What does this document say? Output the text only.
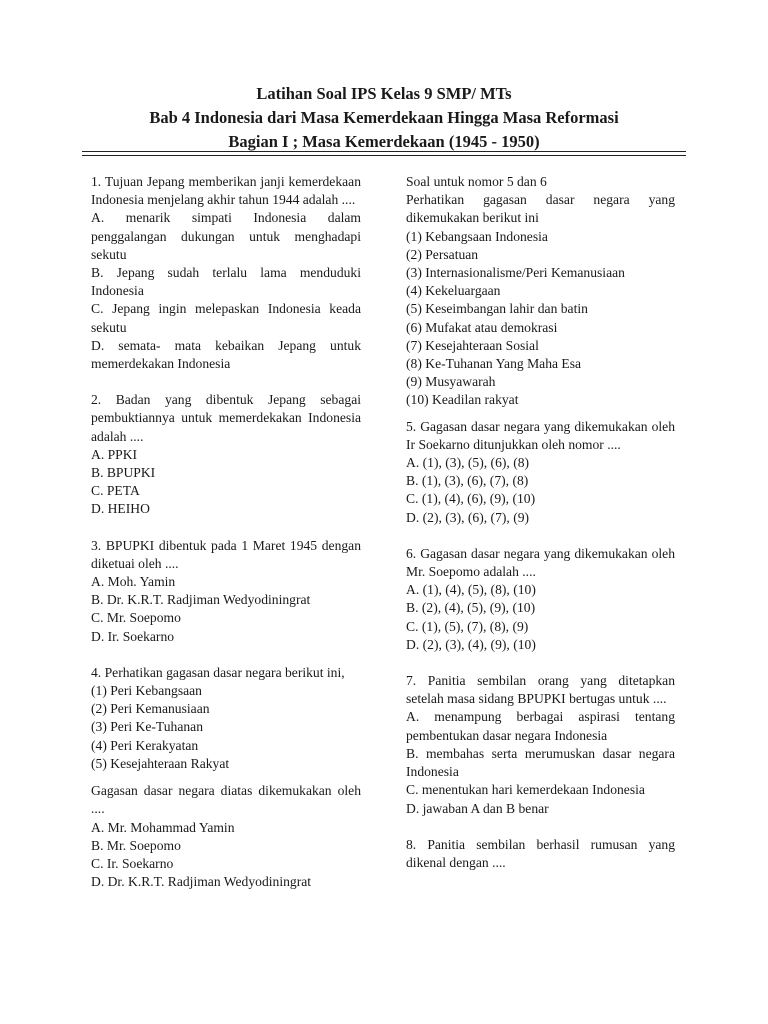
Latihan Soal IPS Kelas 9 SMP/ MTs
Bab 4 Indonesia dari Masa Kemerdekaan Hingga Masa Reformasi
Bagian I ; Masa Kemerdekaan (1945 - 1950)
1. Tujuan Jepang memberikan janji kemerdekaan Indonesia menjelang akhir tahun 1944 adalah ....
A. menarik simpati Indonesia dalam penggalangan dukungan untuk menghadapi sekutu
B. Jepang sudah terlalu lama menduduki Indonesia
C. Jepang ingin melepaskan Indonesia keada sekutu
D. semata- mata kebaikan Jepang untuk memerdekakan Indonesia
2. Badan yang dibentuk Jepang sebagai pembuktiannya untuk memerdekakan Indonesia adalah ....
A. PPKI
B. BPUPKI
C. PETA
D. HEIHO
3. BPUPKI dibentuk pada 1 Maret 1945 dengan diketuai oleh ....
A. Moh. Yamin
B. Dr. K.R.T. Radjiman Wedyodiningrat
C. Mr. Soepomo
D. Ir. Soekarno
4. Perhatikan gagasan dasar negara berikut ini,
(1) Peri Kebangsaan
(2) Peri Kemanusiaan
(3) Peri Ke-Tuhanan
(4) Peri Kerakyatan
(5) Kesejahteraan Rakyat
Gagasan dasar negara diatas dikemukakan oleh ....
A. Mr. Mohammad Yamin
B. Mr. Soepomo
C. Ir. Soekarno
D. Dr. K.R.T. Radjiman Wedyodiningrat
Soal untuk nomor 5 dan 6
Perhatikan gagasan dasar negara yang dikemukakan berikut ini
(1) Kebangsaan Indonesia
(2) Persatuan
(3) Internasionalisme/Peri Kemanusiaan
(4) Kekeluargaan
(5) Keseimbangan lahir dan batin
(6) Mufakat atau demokrasi
(7) Kesejahteraan Sosial
(8) Ke-Tuhanan Yang Maha Esa
(9) Musyawarah
(10) Keadilan rakyat
5. Gagasan dasar negara yang dikemukakan oleh Ir Soekarno ditunjukkan oleh nomor ....
A. (1), (3), (5), (6), (8)
B. (1), (3), (6), (7), (8)
C. (1), (4), (6), (9), (10)
D. (2), (3), (6), (7), (9)
6. Gagasan dasar negara yang dikemukakan oleh Mr. Soepomo adalah ....
A. (1), (4), (5), (8), (10)
B. (2), (4), (5), (9), (10)
C. (1), (5), (7), (8), (9)
D. (2), (3), (4), (9), (10)
7. Panitia sembilan orang yang ditetapkan setelah masa sidang BPUPKI bertugas untuk ....
A. menampung berbagai aspirasi tentang pembentukan dasar negara Indonesia
B. membahas serta merumuskan dasar negara Indonesia
C. menentukan hari kemerdekaan Indonesia
D. jawaban A dan B benar
8. Panitia sembilan berhasil rumusan yang dikenal dengan ....
